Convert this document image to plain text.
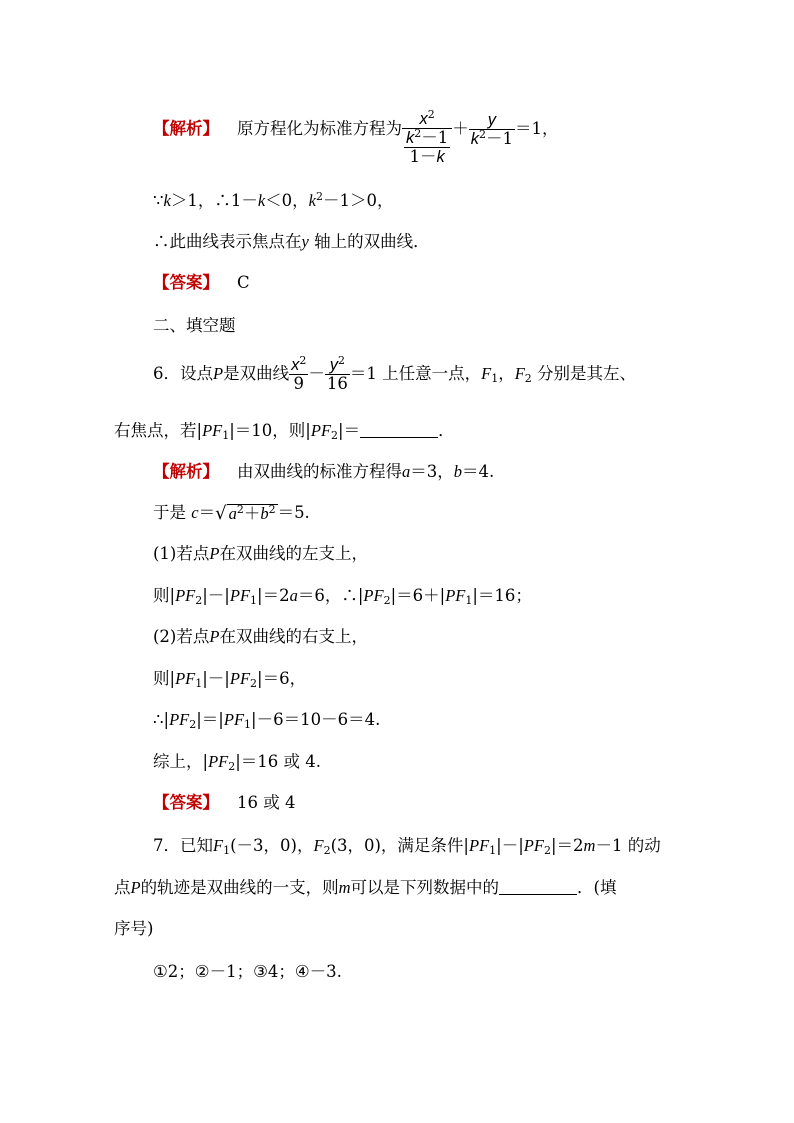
【解析】 原方程化为标准方程为 $\frac{x^2}{\frac{k^2-1}{1-k}} + \frac{y}{k^2-1} =1$，
∵k＞1，∴1－k＜0，$k^2-1>0$，
∴此曲线表示焦点在y 轴上的双曲线．
【答案】 C
二、填空题
6．设点P是双曲线 $\frac{x^2}{9} - \frac{y^2}{16} =1$ 上任意一点，$F_1$，$F_2$ 分别是其左、
右焦点，若$|PF_1|=10$，则$|PF_2|=$	．
【解析】 由双曲线的标准方程得a＝3，b＝4.
于是 c＝√ $a^2+b^2 =5$.
(1)若点P在双曲线的左支上，
则$|PF_2|-|PF_1|=2a=6$，$\therefore|PF_2|=6+|PF_1|=16$；
(2)若点P在双曲线的右支上，
则$|PF_1|-|PF_2|=6$，
$\therefore|PF_2|=|PF_1|-6=10-6=4$.
综上，$|PF_2|=16$ 或 4.
【答案】 16 或 4
7．已知$F_1(-3$，0)，$F_2(3$，0)，满足条件$|PF_1|-|PF_2|=2m-1$ 的动
点P的轨迹是双曲线的一支，则m可以是下列数据中的	．(填
序号)
①2；②－1；③4；④－3.
